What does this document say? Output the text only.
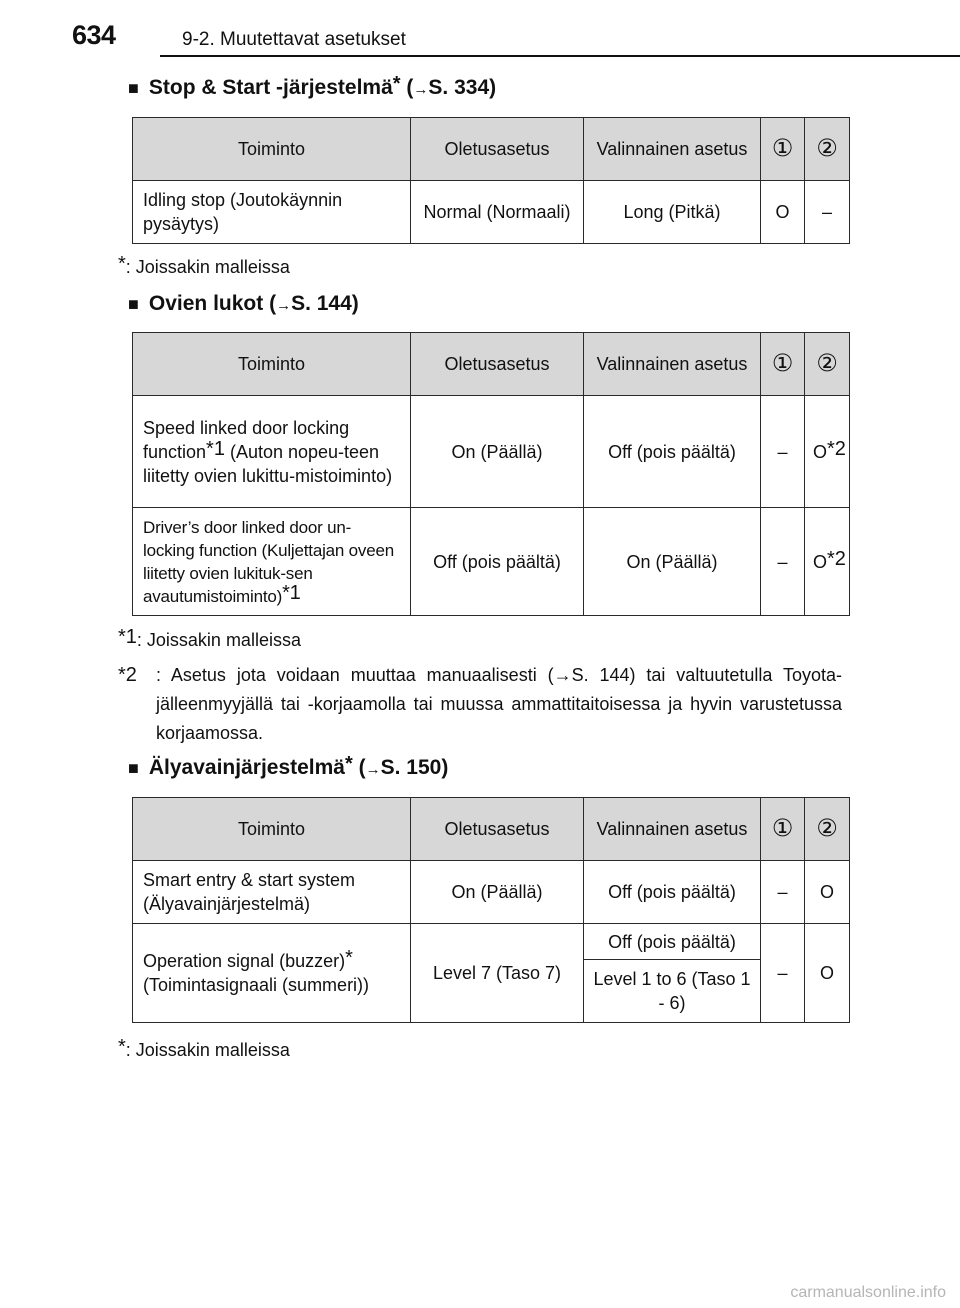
634	9-2. Muutettavat asetukset
■ Stop & Start -järjestelmä* (→S. 334)
Toiminto	Oletusasetus	Valinnainen asetus	①	②
Idling stop (Joutokäynnin pysäytys)	Normal (Normaali)	Long (Pitkä)	O	–
*: Joissakin malleissa
■ Ovien lukot (→S. 144)
Toiminto	Oletusasetus	Valinnainen asetus	①	②
Speed linked door locking function$^{*1}$ (Auton nopeu-teen liitetty ovien lukittu-mistoiminto)	On (Päällä)	Off (pois päältä)	–	$O^{*2}$
Driver’s door linked door un-locking function (Kuljettajan oveen liitetty ovien lukituk-sen avautumistoiminto)$^{*1}$	Off (pois päältä)	On (Päällä)	–	$O^{*2}$
*1: Joissakin malleissa
*2 : Asetus jota voidaan muuttaa manuaalisesti (→S. 144) tai valtuutetulla Toyota-jälleenmyyjällä tai -korjaamolla tai muussa ammattitaitoisessa ja hyvin varustetussa korjaamossa.
■ Älyavainjärjestelmä* (→S. 150)
Toiminto	Oletusasetus	Valinnainen asetus	①	②
Smart entry & start system (Älyavainjärjestelmä)	On (Päällä)	Off (pois päältä)	–	O
Operation signal (buzzer)*
(Toimintasignaali (summeri))	Level 7 (Taso 7)	Off (pois päältä)	–	O
		Level 1 to 6 (Taso 1 - 6)		
*: Joissakin malleissa
carmanualsonline.info
